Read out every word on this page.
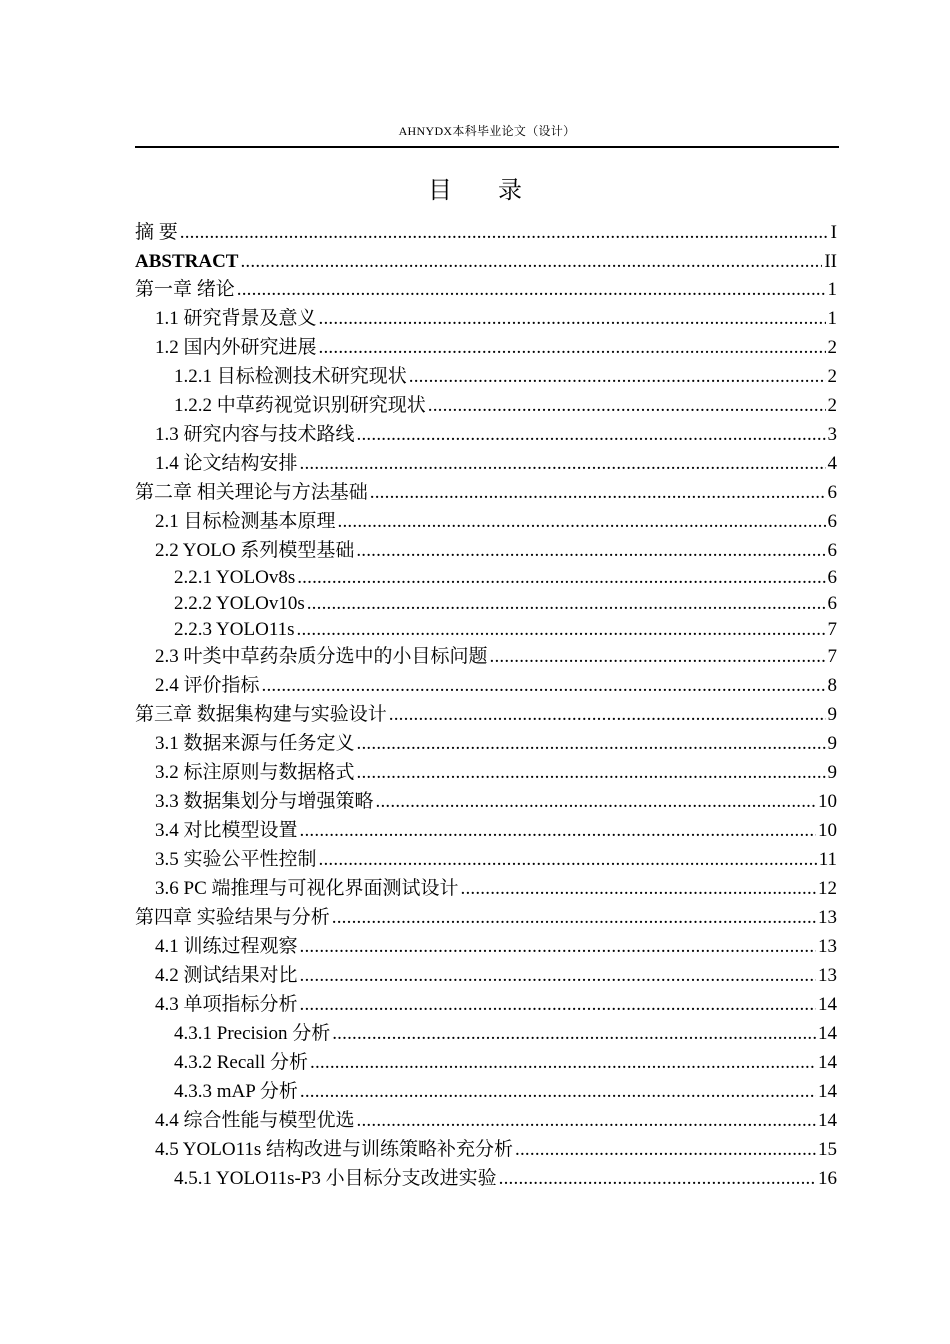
AHNYDX本科毕业论文（设计）
目 录
摘 要 .....	I
ABSTRACT .....	II
第一章 绪论 .....	1
1.1 研究背景及意义 .....	1
1.2 国内外研究进展 .....	2
1.2.1 目标检测技术研究现状 .....	2
1.2.2 中草药视觉识别研究现状 .....	2
1.3 研究内容与技术路线 .....	3
1.4 论文结构安排 .....	4
第二章 相关理论与方法基础 .....	6
2.1 目标检测基本原理 .....	6
2.2 YOLO 系列模型基础 .....	6
2.2.1 YOLOv8s .....	6
2.2.2 YOLOv10s .....	6
2.2.3 YOLO11s .....	7
2.3 叶类中草药杂质分选中的小目标问题 .....	7
2.4 评价指标 .....	8
第三章 数据集构建与实验设计 .....	9
3.1 数据来源与任务定义 .....	9
3.2 标注原则与数据格式 .....	9
3.3 数据集划分与增强策略 .....	10
3.4 对比模型设置 .....	10
3.5 实验公平性控制 .....	11
3.6 PC 端推理与可视化界面测试设计 .....	12
第四章 实验结果与分析 .....	13
4.1 训练过程观察 .....	13
4.2 测试结果对比 .....	13
4.3 单项指标分析 .....	14
4.3.1 Precision 分析 .....	14
4.3.2 Recall 分析 .....	14
4.3.3 mAP 分析 .....	14
4.4 综合性能与模型优选 .....	14
4.5 YOLO11s 结构改进与训练策略补充分析 .....	15
4.5.1 YOLO11s-P3 小目标分支改进实验 .....	16
